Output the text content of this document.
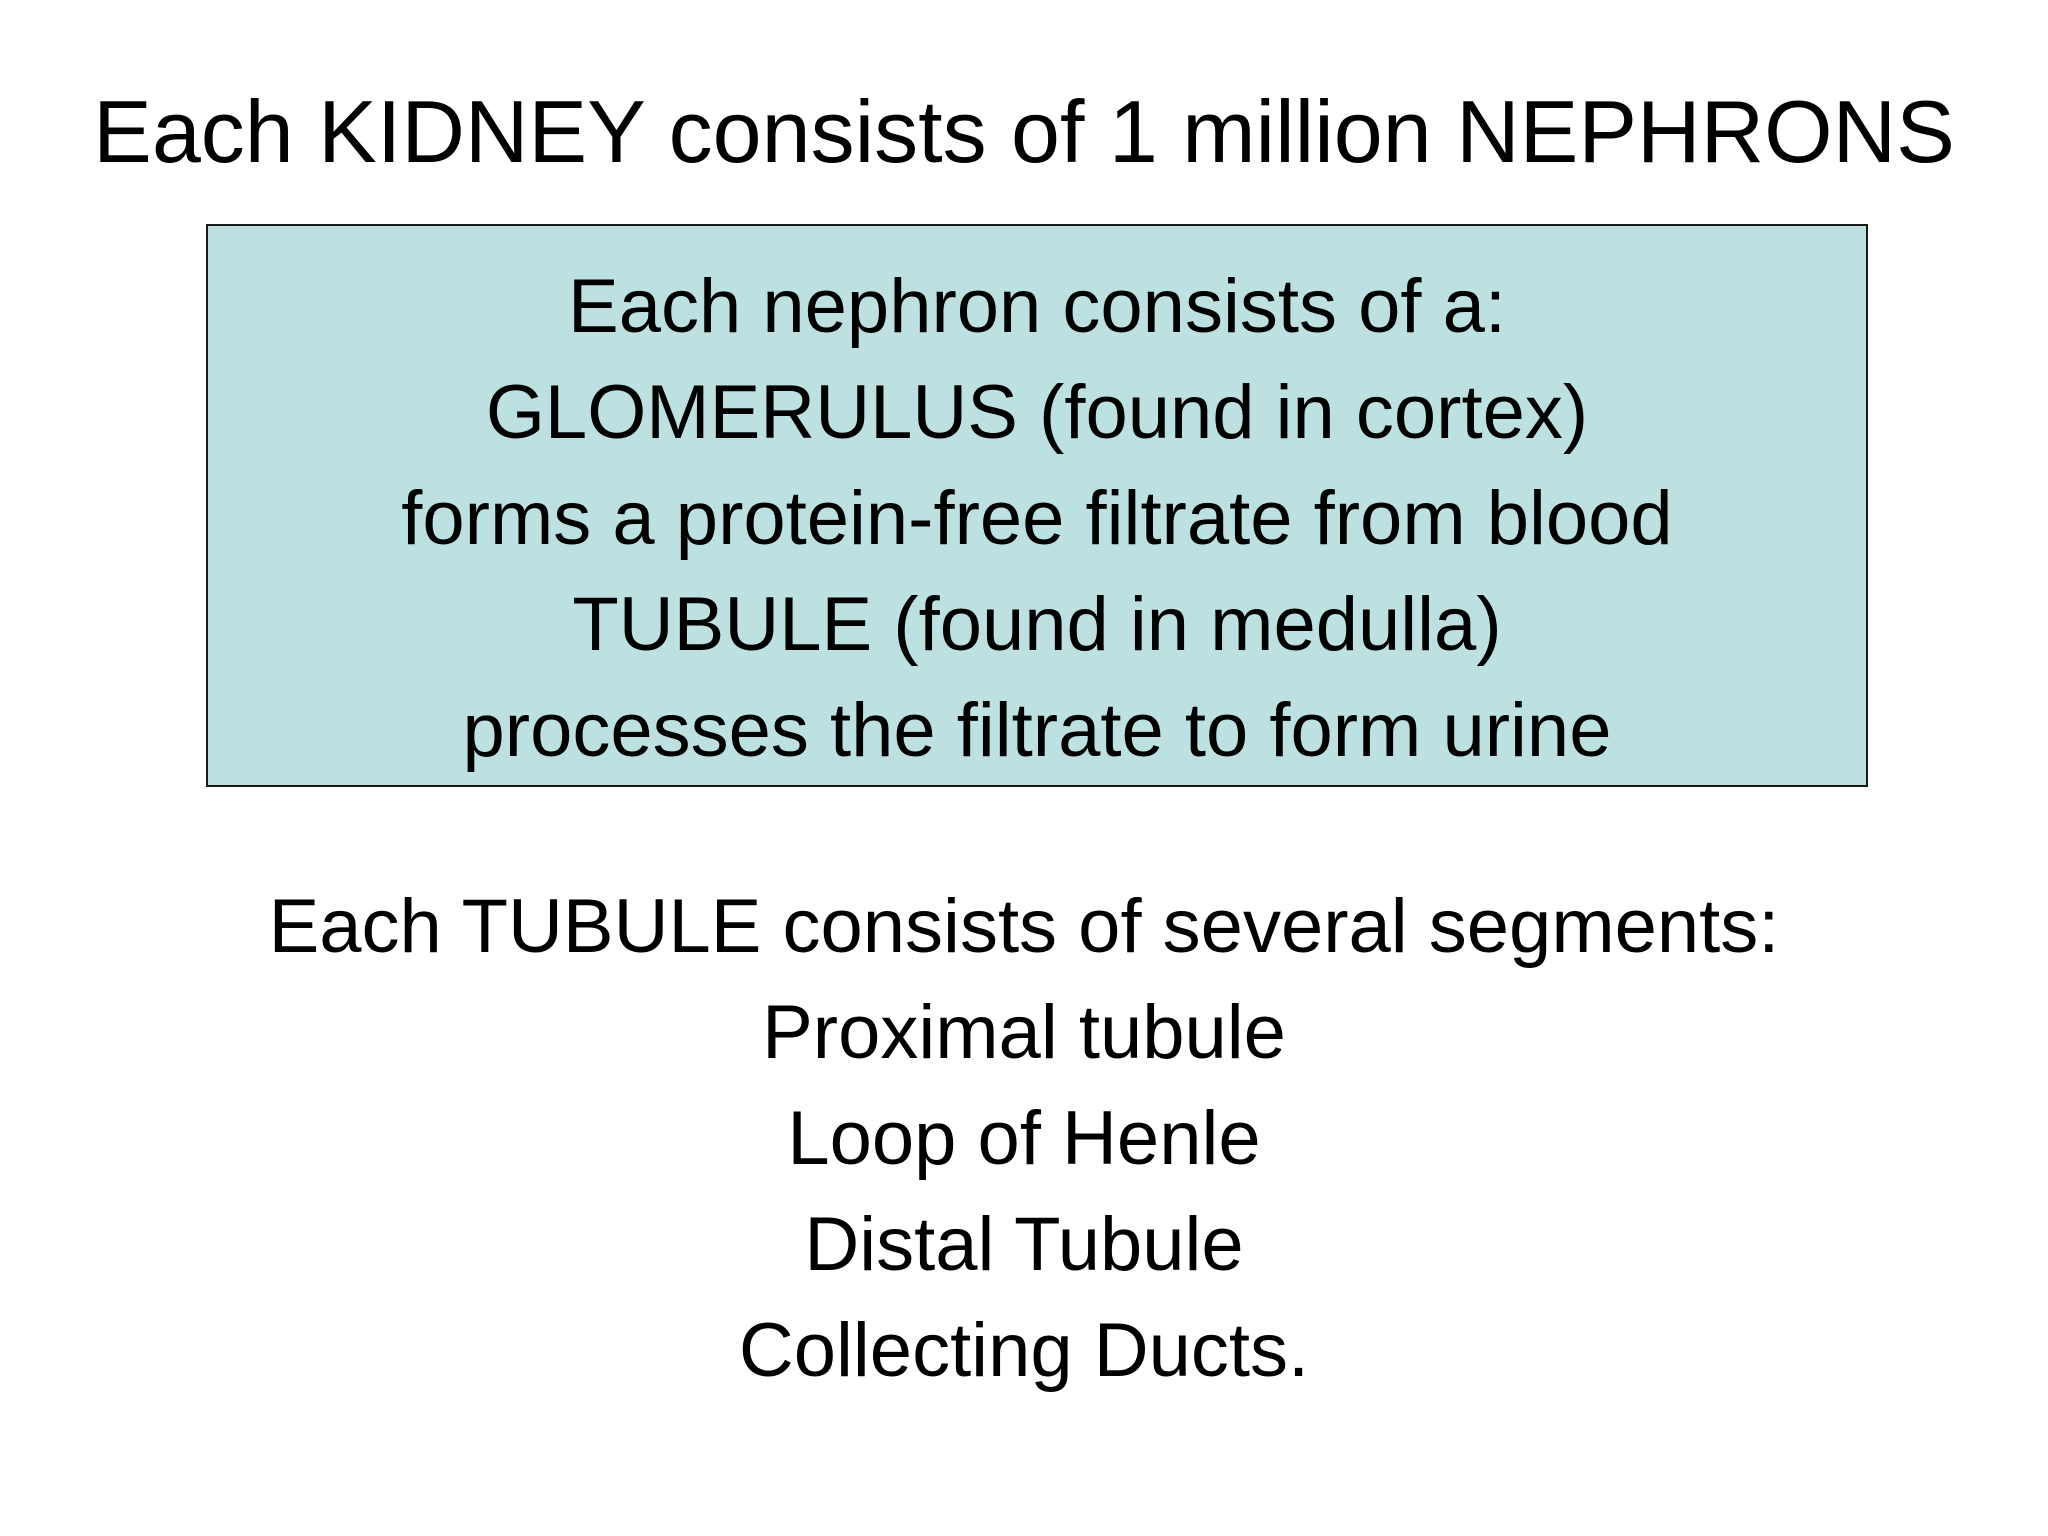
Each KIDNEY consists of 1 million NEPHRONS
Each nephron consists of a:
GLOMERULUS (found in cortex)
forms a protein-free filtrate from blood
TUBULE (found in medulla)
processes the filtrate to form urine
Each TUBULE consists of several segments:
Proximal tubule
Loop of Henle
Distal Tubule
Collecting Ducts.
